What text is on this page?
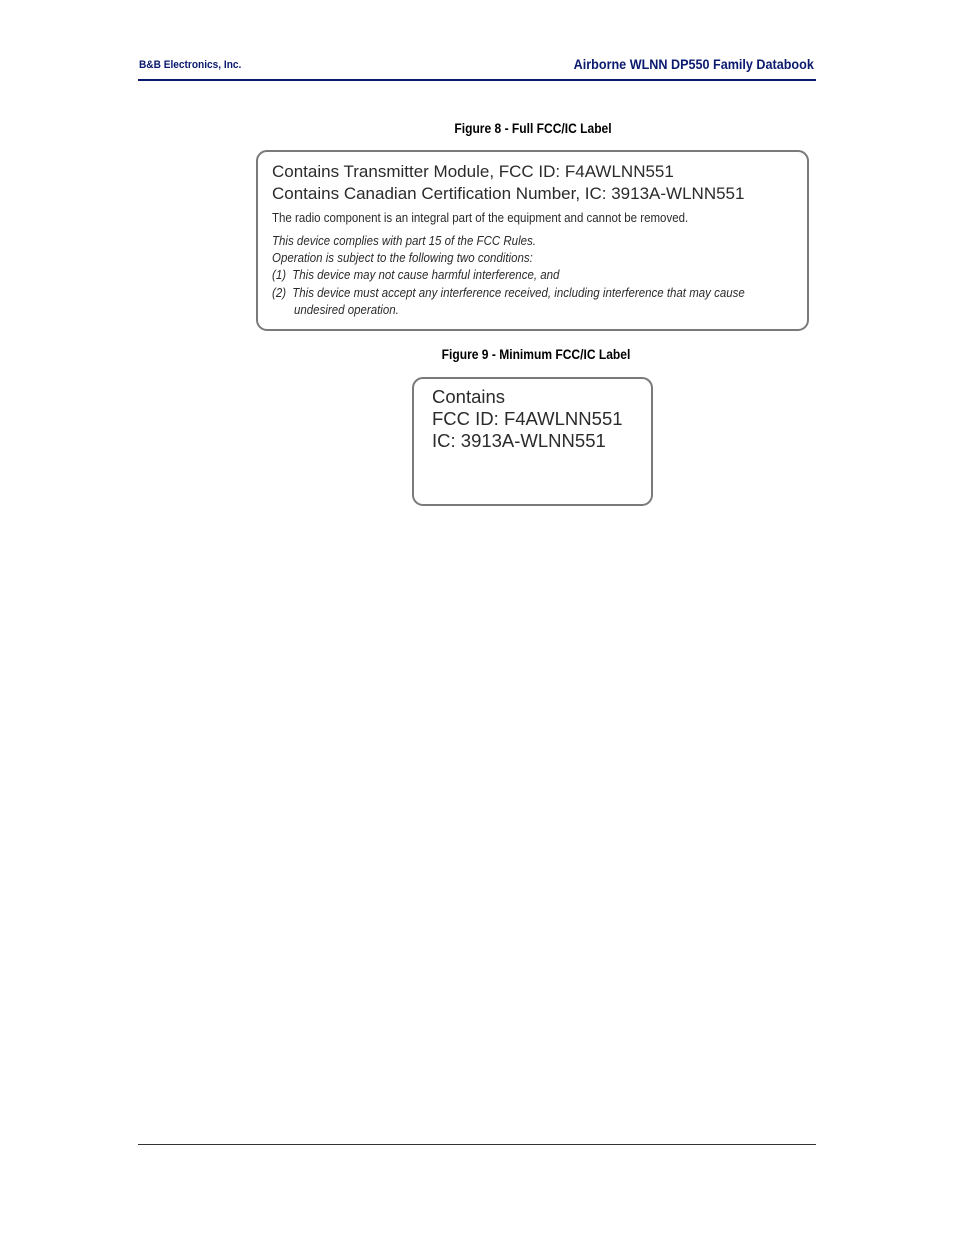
B&B Electronics, Inc.	Airborne WLNN DP550 Family Databook
Figure 8 - Full FCC/IC Label
Contains Transmitter Module, FCC ID: F4AWLNN551
Contains Canadian Certification Number, IC: 3913A-WLNN551
The radio component is an integral part of the equipment and cannot be removed.
This device complies with part 15 of the FCC Rules.
Operation is subject to the following two conditions:
(1) This device may not cause harmful interference, and
(2) This device must accept any interference received, including interference that may cause
undesired operation.
Figure 9 - Minimum FCC/IC Label
Contains
FCC ID: F4AWLNN551
IC: 3913A-WLNN551
